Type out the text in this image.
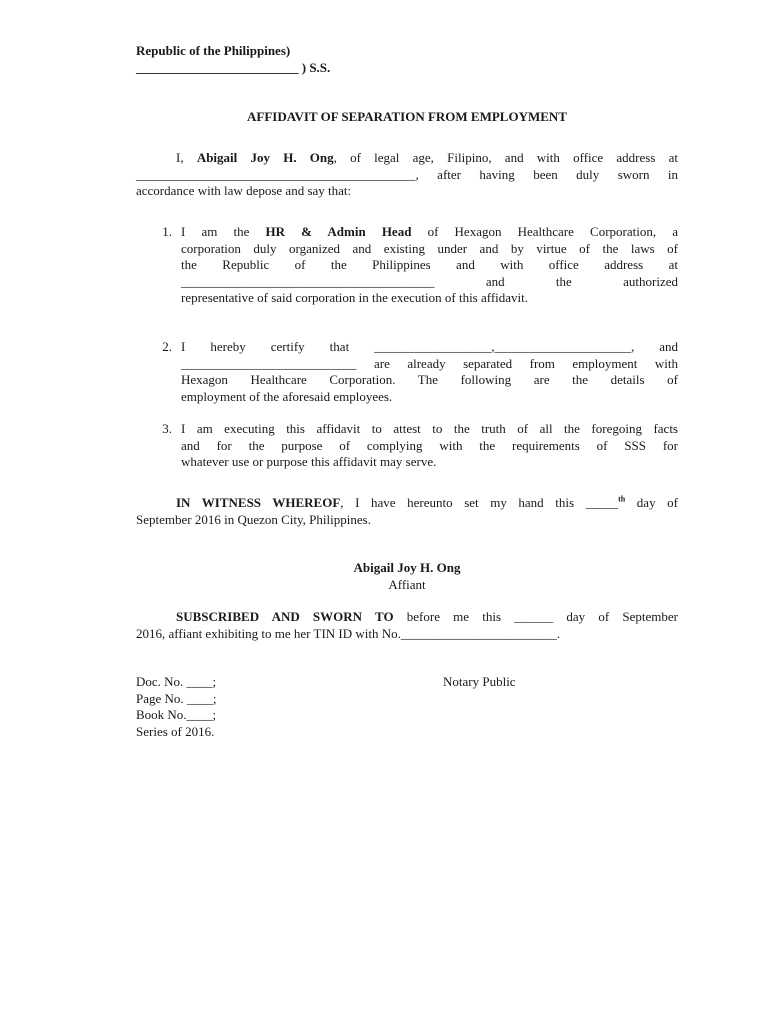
Republic of the Philippines)

_________________________ ) S.S.

AFFIDAVIT OF SEPARATION FROM EMPLOYMENT

I, Abigail Joy H. Ong, of legal age, Filipino, and with office address at
___________________________________________, after having been duly sworn in
accordance with law depose and say that:
1. I am the HR & Admin Head of Hexagon Healthcare Corporation, a
corporation duly organized and existing under and by virtue of the laws of
the Republic of the Philippines and with office address at
_______________________________________ and the authorized
representative of said corporation in the execution of this affidavit.
2. I hereby certify that __________________,_____________________, and
___________________________ are already separated from employment with
Hexagon Healthcare Corporation. The following are the details of
employment of the aforesaid employees.
3. I am executing this affidavit to attest to the truth of all the foregoing facts
and for the purpose of complying with the requirements of SSS for
whatever use or purpose this affidavit may serve.
IN WITNESS WHEREOF, I have hereunto set my hand this _____$^{th}$ day of
September 2016 in Quezon City, Philippines.

Abigail Joy H. Ong

Affiant

SUBSCRIBED AND SWORN TO before me this ______ day of September
2016, affiant exhibiting to me her TIN ID with No.________________________.
Doc. No. ____;
Page No. ____;
Book No.____;
Series of 2016.
Notary Public
